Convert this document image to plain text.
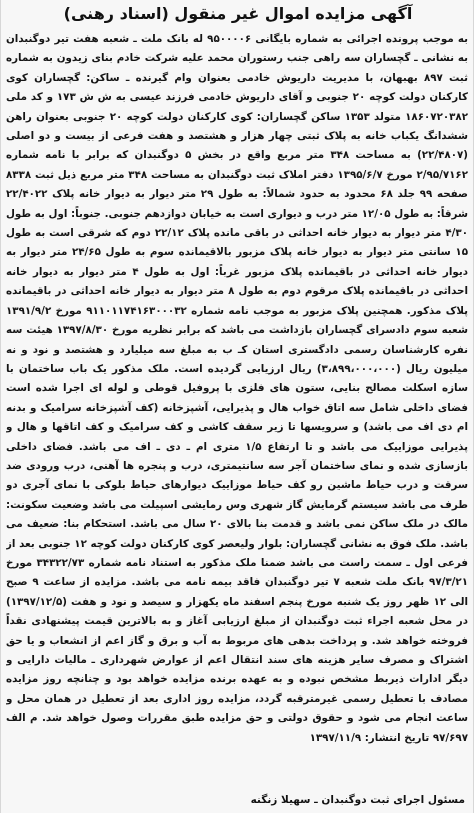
آگهی مزایده اموال غیر منقول (اسناد رهنی)
به موجب پرونده اجرائی به شماره بایگانی ۹۵۰۰۰۰۶ له بانک ملت ـ شعبه هفت تیر دوگنبدان به نشانی ـ گچساران سه راهی جنب رستوران محمد علیه شرکت خادم بنای زیدون به شماره ثبت ۸۹۷ بهبهان، با مدیریت داریوش خادمی بعنوان وام گیرنده ـ ساکن: گچساران کوی کارکنان دولت کوچه ۲۰ جنوبی و آقای داریوش خادمی فرزند عیسی به ش ش ۱۷۳ و کد ملی ۱۸۶۰۷۲۰۳۸۲ متولد ۱۳۵۳ ساکن گچساران: کوی کارکنان دولت کوچه ۲۰ جنوبی بعنوان راهن ششدانگ یکباب خانه به پلاک ثبتی چهار هزار و هشتصد و هفت فرعی از بیست و دو اصلی (۲۲/۴۸۰۷) به مساحت ۳۴۸ متر مربع واقع در بخش ۵ دوگنبدان که برابر با نامه شماره ۲/۹۵/۷۱۶۲ مورخ ۱۳۹۵/۶/۷ دفتر املاک ثبت دوگنبدان به مساحت ۳۴۸ متر مربع ذیل ثبت ۸۳۳۸ صفحه ۹۹ جلد ۶۸ محدود به حدود شمالاً: به طول ۲۹ متر دیوار به دیوار خانه پلاک ۲۲/۴۰۲۲ شرقاً: به طول ۱۲/۰۵ متر درب و دیواری است به خیابان دوازدهم جنوبی. جنوباً: اول به طول ۴/۳۰ متر دیوار به دیوار خانه احداثی در باقی مانده پلاک ۲۲/۱۲ دوم که شرقی است به طول ۱۵ سانتی متر دیوار به دیوار خانه پلاک مزبور بالاقیمانده سوم به طول ۲۴/۶۵ متر دیوار به دیوار خانه احداثی در باقیمانده پلاک مزبور غرباً: اول به طول ۴ متر دیوار به دیوار خانه احداثی در باقیمانده پلاک مرقوم دوم به طول ۸ متر دیوار به دیوار خانه احداثی در باقیمانده پلاک مذکور. همچنین پلاک مزبور به موجب نامه شماره ۹۱۱۰۱۱۷۴۱۶۳۰۰۰۳۲ مورخ ۱۳۹۱/۹/۲ شعبه سوم دادسرای گچساران بازداشت می باشد که برابر نظریه مورخ ۱۳۹۷/۸/۳۰ هیئت سه نفره کارشناسان رسمی دادگستری استان کـ ب به مبلغ سه میلیارد و هشتصد و نود و نه میلیون ریال (۳،۸۹۹،۰۰۰،۰۰۰) ریال ارزیابی گردیده است. ملک مذکور یک باب ساختمان با سازه اسکلت مصالح بنایی، ستون های فلزی با پروفیل قوطی و لوله ای اجرا شده است فضای داخلی شامل سه اتاق خواب هال و پذیرایی، آشپزخانه (کف آشپزخانه سرامیک و بدنه ام دی اف می باشد) و سرویسها تا زیر سقف کاشی و کف سرامیک و کف اتاقها و هال و پذیرایی موزاییک می باشد و تا ارتفاع ۱/۵ متری ام ـ دی ـ اف می باشد. فضای داخلی بازسازی شده و نمای ساختمان آجر سه سانتیمتری، درب و پنجره ها آهنی، درب ورودی ضد سرقت و درب حیاط ماشین رو کف حیاط موزاییک دیوارهای حیاط بلوکی با نمای آجری دو طرف می باشد سیستم گرمایش گاز شهری وس رمایشی اسپیلت می باشد وضعیت سکونت: مالک در ملک ساکن نمی باشد و قدمت بنا بالای ۲۰ سال می باشد. استحکام بنا: ضعیف می باشد. ملک فوق به نشانی گچساران: بلوار ولیعصر کوی کارکنان دولت کوچه ۱۲ جنوبی بعد از فرعی اول ـ سمت راست می باشد ضمنا ملک مذکور به استناد نامه شماره ۳۴۳۲۲/۷۳ مورخ ۹۷/۳/۲۱ بانک ملت شعبه ۷ تیر دوگنبدان فاقد بیمه نامه می باشد. مزایده از ساعت ۹ صبح الی ۱۲ ظهر روز یک شنبه مورخ پنجم اسفند ماه یکهزار و سیصد و نود و هفت (۱۳۹۷/۱۲/۵) در محل شعبه اجراء ثبت دوگنبدان از مبلغ ارزیابی آغاز و به بالاترین قیمت پیشنهادی نقداً فروخته خواهد شد. و پرداخت بدهی های مربوط به آب و برق و گاز اعم از انشعاب و یا حق اشتراک و مصرف سایر هزینه های سند انتقال اعم از عوارض شهرداری ـ مالیات دارایی و دیگر ادارات ذیربط مشخص نبوده و به عهده برنده مزایده خواهد بود و چنانچه روز مزایده مصادف با تعطیل رسمی غیرمترقبه گردد، مزایده روز اداری بعد از تعطیل در همان محل و ساعت انجام می شود و حقوق دولتی و حق مزایده طبق مقررات وصول خواهد شد. م الف ۹۷/۶۹۷ تاریخ انتشار: ۱۳۹۷/۱۱/۹
مسئول اجرای ثبت دوگنبدان ـ سهیلا زنگنه
